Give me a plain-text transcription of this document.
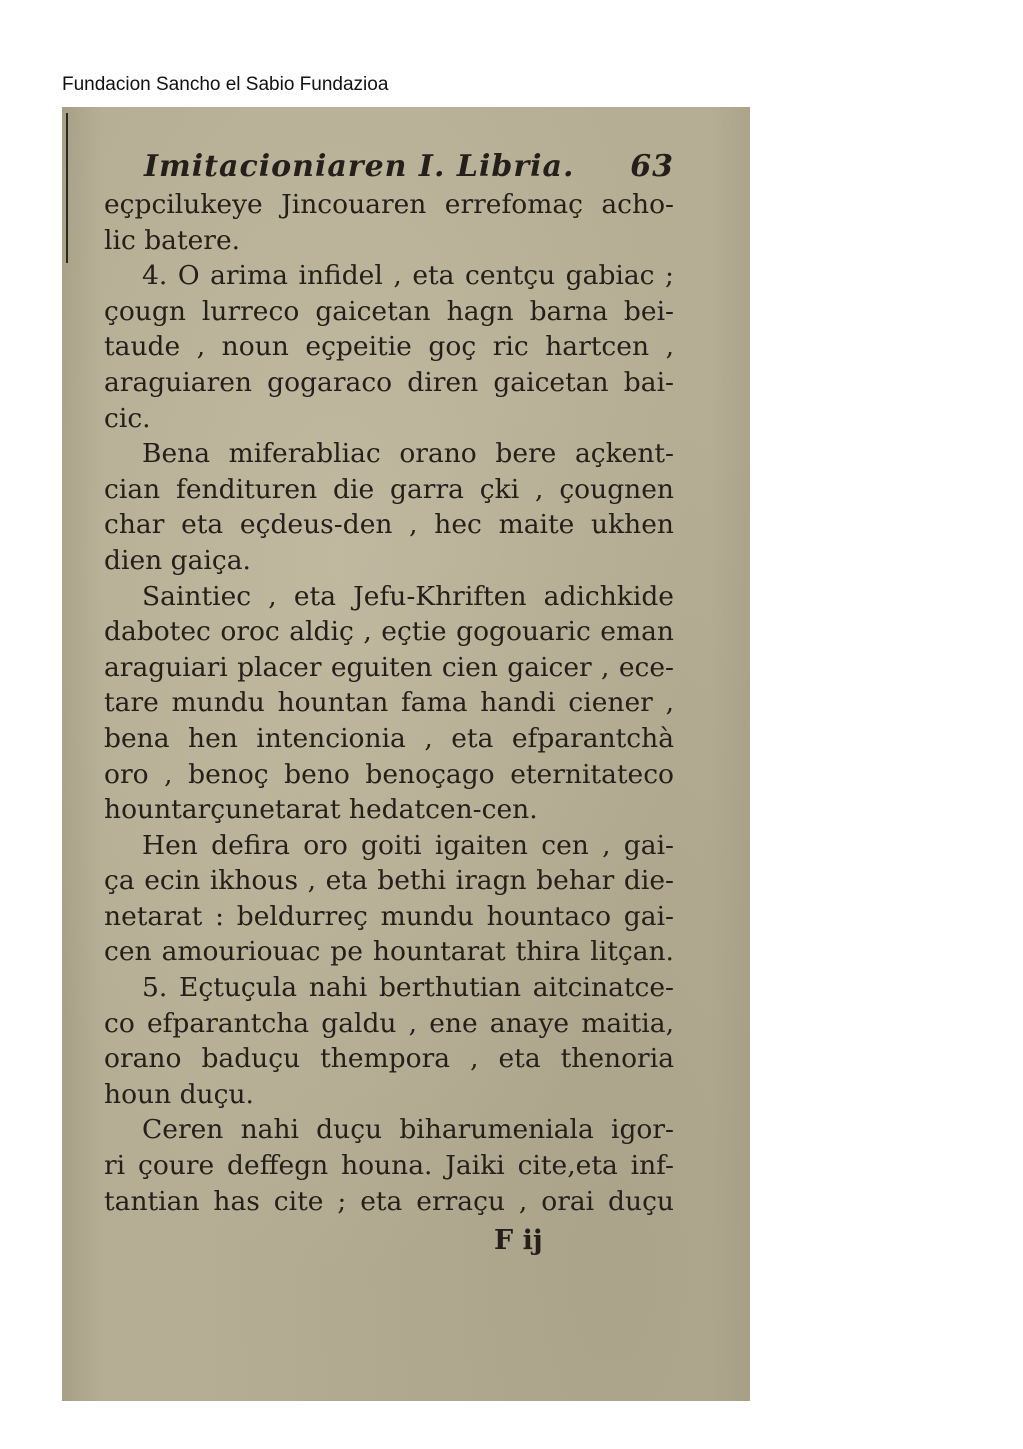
Fundacion Sancho el Sabio Fundazioa
Imitacioniaren I. Libria. 63
eçpcilukeye Jincouaren errefomaç acho-
lic batere.
4. O arima infidel , eta centçu gabiac ;
çougn lurreco gaicetan hagn barna bei-
taude , noun eçpeitie goç ric hartcen ,
araguiaren gogaraco diren gaicetan bai-
cic.
Bena miferabliac orano bere açkent-
cian fendituren die garra çki , çougnen
char eta eçdeus-den , hec maite ukhen
dien gaiça.
Saintiec , eta Jefu-Khriften adichkide
dabotec oroc aldiç , eçtie gogouaric eman
araguiari placer eguiten cien gaicer , ece-
tare mundu hountan fama handi ciener ,
bena hen intencionia , eta efparantchà
oro , benoç beno benoçago eternitateco
hountarçunetarat hedatcen-cen.
Hen defira oro goiti igaiten cen , gai-
ça ecin ikhous , eta bethi iragn behar die-
netarat : beldurreç mundu hountaco gai-
cen amouriouac pe hountarat thira litçan.
5. Eçtuçula nahi berthutian aitcinatce-
co efparantcha galdu , ene anaye maitia,
orano baduçu thempora , eta thenoria
houn duçu.
Ceren nahi duçu biharumeniala igor-
ri çoure deffegn houna. Jaiki cite,eta inf-
tantian has cite ; eta erraçu , orai duçu
F ij
